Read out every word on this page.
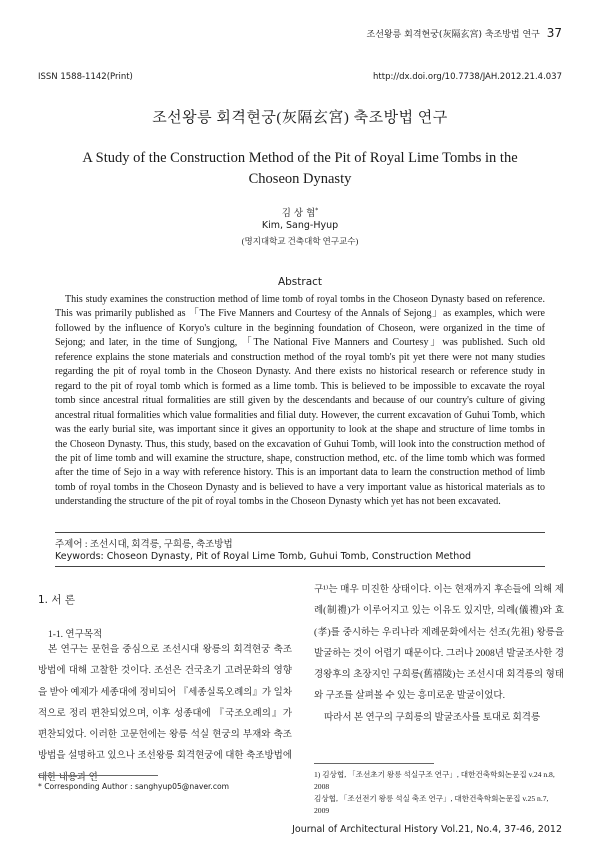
조선왕릉 회격현궁(灰隔玄宮) 축조방법 연구 37
ISSN 1588-1142(Print)	http://dx.doi.org/10.7738/JAH.2012.21.4.037
조선왕릉 회격현궁(灰隔玄宮) 축조방법 연구
A Study of the Construction Method of the Pit of Royal Lime Tombs in the Choseon Dynasty
김 상 협*
Kim, Sang-Hyup
(명지대학교 건축대학 연구교수)
Abstract

This study examines the construction method of lime tomb of royal tombs in the Choseon Dynasty based on reference. This was primarily published as 「The Five Manners and Courtesy of the Annals of Sejong」as examples, which were followed by the influence of Koryo's culture in the beginning foundation of Choseon, were organized in the time of Sejong; and later, in the time of Sungjong, 「The National Five Manners and Courtesy」was published. Such old reference explains the stone materials and construction method of the royal tomb's pit yet there were not many studies regarding the pit of royal tomb in the Choseon Dynasty. And there exists no historical research or reference study in regard to the pit of royal tomb which is formed as a lime tomb. This is believed to be impossible to excavate the royal tomb since ancestral ritual formalities are still given by the descendants and because of our country's culture of giving ancestral ritual formalities which value formalities and filial duty. However, the current excavation of Guhui Tomb, which was the early burial site, was important since it gives an opportunity to look at the shape and structure of lime tombs in the Choseon Dynasty. Thus, this study, based on the excavation of Guhui Tomb, will look into the construction method of the pit of lime tomb and will examine the structure, shape, construction method, etc. of the lime tomb which was formed after the time of Sejo in a way with reference history. This is an important data to learn the construction method of limb tomb of royal tombs in the Choseon Dynasty and is believed to have a very important value as historical materials as to understanding the structure of the pit of royal tombs in the Choseon Dynasty which yet has not been excavated.

주제어 : 조선시대, 회격릉, 구희릉, 축조방법
Keywords: Choseon Dynasty, Pit of Royal Lime Tomb, Guhui Tomb, Construction Method
1. 서 론
1-1. 연구목적

본 연구는 문헌을 중심으로 조선시대 왕릉의 회격현궁 축조방법에 대해 고찰한 것이다. 조선은 건국초기 고려문화의 영향을 받아 예제가 세종대에 정비되어 『세종실록오례의』가 일차적으로 정리 편찬되었으며, 이후 성종대에 『국조오례의』가 편찬되었다. 이러한 고문헌에는 왕릉 석실 현궁의 부재와 축조방법을 설명하고 있으나 조선왕릉 회격현궁에 대한 축조방법에 대한 내용과 연

구¹⁾는 매우 미진한 상태이다. 이는 현재까지 후손들에 의해 제례(制禮)가 이루어지고 있는 이유도 있지만, 의례(儀禮)와 효(孝)를 중시하는 우리나라 제례문화에서는 선조(先祖) 왕릉을 발굴하는 것이 어렵기 때문이다. 그러나 2008년 발굴조사한 경경왕후의 초장지인 구희릉(舊禧陵)는 조선시대 회격릉의 형태와 구조를 살펴볼 수 있는 흥미로운 발굴이었다.

따라서 본 연구의 구희릉의 발굴조사를 토대로 회격릉

* Corresponding Author : sanghyup05@naver.com
1) 김상협, 「조선초기 왕릉 석실구조 연구」, 대한건축학회논문집 v.24 n.8, 2008
김상협, 「조선전기 왕릉 석실 축조 연구」, 대한건축학회논문집 v.25 n.7, 2009
Journal of Architectural History Vol.21, No.4, 37-46, 2012
